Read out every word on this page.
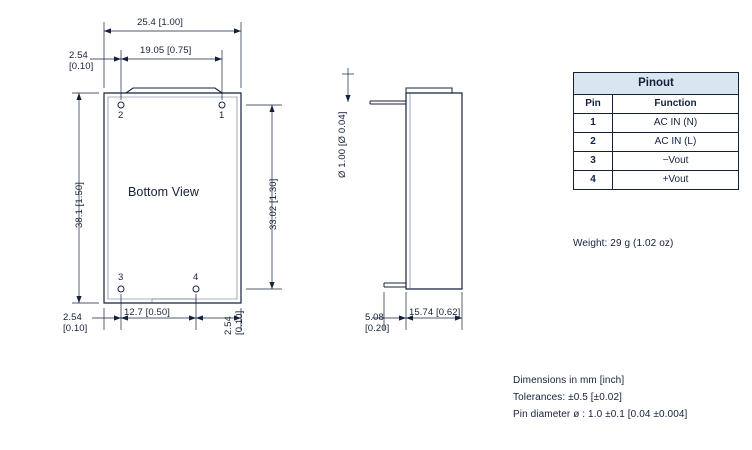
25.4 [1.00]
19.05 [0.75]
2.54
[0.10]
38.1 [1.50]	33.02 [1.30]
Bottom View
2	1
3	4
2.54
[0.10]
12.7 [0.50]
2.54
[0.10]
Ø 1.00 [Ø 0.04]
5.08
[0.20]
15.74 [0.62]
Pinout	
Pin	Function
1	AC IN (N)
2	AC IN (L)
3	−Vout
4	+Vout
Weight: 29 g (1.02 oz)
Dimensions in mm [inch]
Tolerances: ±0.5 [±0.02]
Pin diameter ø : 1.0 ±0.1 [0.04 ±0.004]
